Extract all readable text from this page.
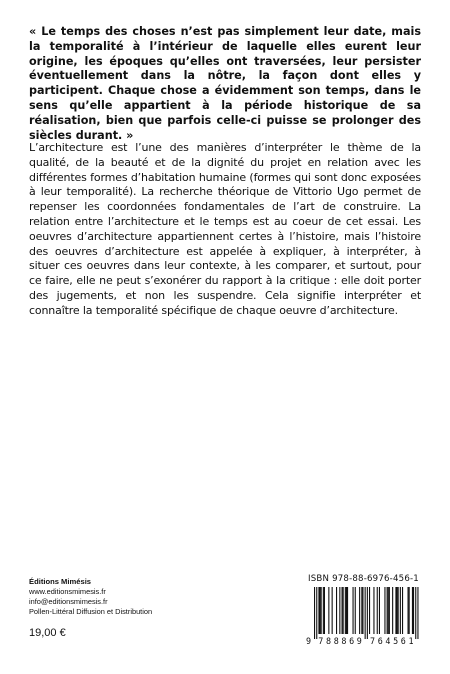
« Le temps des choses n’est pas simplement leur date, mais la temporalité à l’intérieur de laquelle elles eurent leur origine, les époques qu’elles ont traversées, leur persister éventuellement dans la nôtre, la façon dont elles y participent. Chaque chose a évidemment son temps, dans le sens qu’elle appartient à la période historique de sa réalisation, bien que parfois celle-ci puisse se prolonger des siècles durant. »

L’architecture est l’une des manières d’interpréter le thème de la qualité, de la beauté et de la dignité du projet en relation avec les différentes formes d’habitation humaine (formes qui sont donc exposées à leur temporalité). La recherche théorique de Vittorio Ugo permet de repenser les coordonnées fondamentales de l’art de construire. La relation entre l’architecture et le temps est au coeur de cet essai. Les oeuvres d’architecture appartiennent certes à l’histoire, mais l’histoire des oeuvres d’architecture est appelée à expliquer, à interpréter, à situer ces oeuvres dans leur contexte, à les comparer, et surtout, pour ce faire, elle ne peut s’exonérer du rapport à la critique : elle doit porter des jugements, et non les suspendre. Cela signifie interpréter et connaître la temporalité spécifique de chaque oeuvre d’architecture.

Éditions Mimésis
www.editionsmimesis.fr
info@editionsmimesis.fr
Pollen-Littéral Diffusion et Distribution
19,00 €
ISBN 978-88-6976-456-1
9 7 8 8 8 6 9 7 6 4 5 6 1
